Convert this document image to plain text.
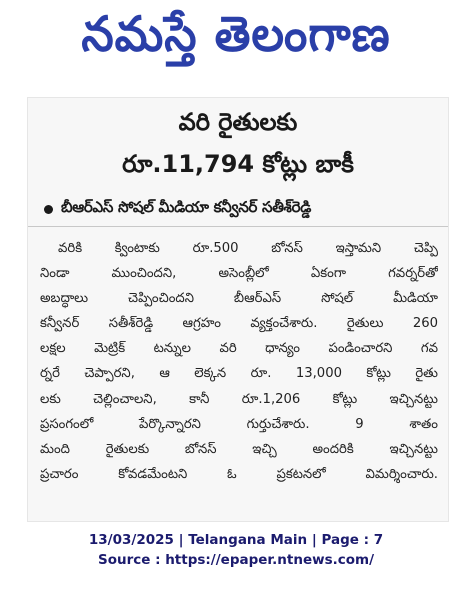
నమస్తే తెలంగాణ
వరి రైతులకు
రూ.11,794 కోట్లు బాకీ
బీఆర్ఎస్ సోషల్ మీడియా కన్వీనర్ సతీశ్‌రెడ్డి
వరికి క్వింటాకు రూ.500 బోనస్ ఇస్తామని చెప్పి
నిండా ముంచిందని, అసెంబ్లీలో ఏకంగా గవర్నర్‌తో
అబద్ధాలు చెప్పించిందని బీఆర్ఎస్ సోషల్ మీడియా
కన్వీనర్ సతీశ్‌రెడ్డి ఆగ్రహం వ్యక్తంచేశారు. రైతులు 260
లక్షల మెట్రిక్ టన్నుల వరి ధాన్యం పండించారని గవ
ర్నరే చెప్పారని, ఆ లెక్కన రూ. 13,000 కోట్లు రైతు
లకు చెల్లించాలని, కానీ రూ.1,206 కోట్లు ఇచ్చినట్టు
ప్రసంగంలో పేర్కొన్నారని గుర్తుచేశారు. 9 శాతం
మంది రైతులకు బోనస్ ఇచ్చి అందరికి ఇచ్చినట్టు
ప్రచారం కోవడమేంటని ఓ ప్రకటనలో విమర్శించారు.
13/03/2025 | Telangana Main | Page : 7
Source : https://epaper.ntnews.com/
